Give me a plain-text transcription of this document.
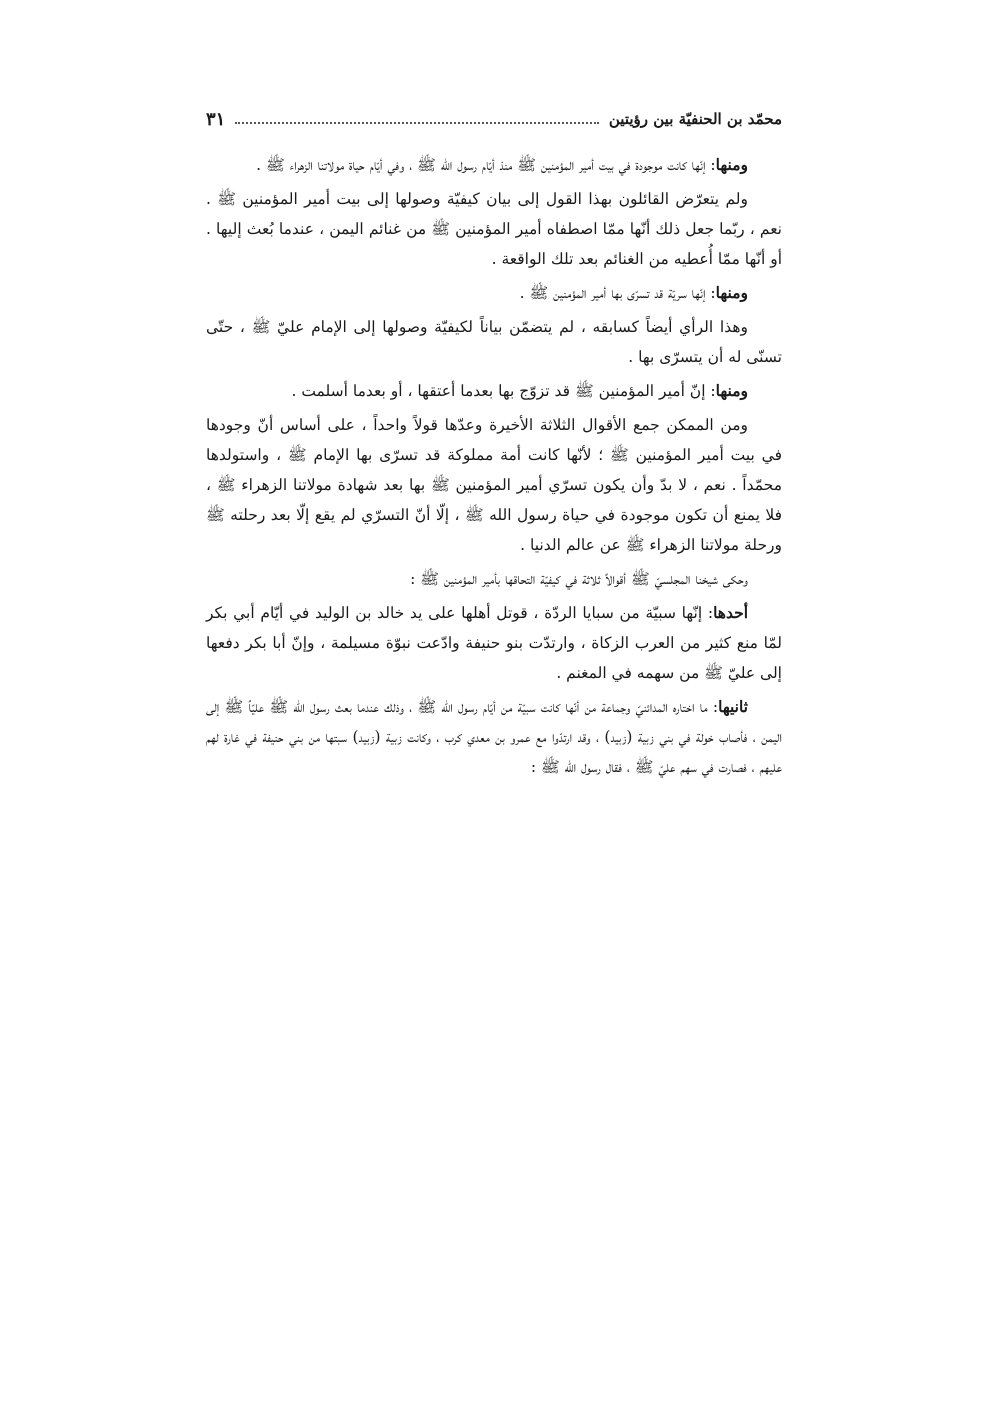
محمّد بن الحنفيّة بين رؤيتين
٣١

ومنها: إنّها كانت موجودة في بيت أمير المؤمنين ﷺ منذ أيّام رسول الله ﷺ ، وفي أيّام حياة مولاتنا الزهراء ﷺ .

ولم يتعرّض القائلون بهذا القول إلى بيان كيفيّة وصولها إلى بيت أمير المؤمنين ﷺ . نعم ، ربّما جعل ذلك أنّها ممّا اصطفاه أمير المؤمنين ﷺ من غنائم اليمن ، عندما بُعث إليها . أو أنّها ممّا أُعطيه من الغنائم بعد تلك الواقعة .

ومنها: إنّها سريّة قد تسرّى بها أمير المؤمنين ﷺ .

وهذا الرأي أيضاً كسابقه ، لم يتضمّن بياناً لكيفيّة وصولها إلى الإمام عليّ ﷺ ، حتّى تسنّى له أن يتسرّى بها .

ومنها: إنّ أمير المؤمنين ﷺ قد تزوّج بها بعدما أعتقها ، أو بعدما أسلمت .

ومن الممكن جمع الأقوال الثلاثة الأخيرة وعدّها قولاً واحداً ، على أساس أنّ وجودها في بيت أمير المؤمنين ﷺ ؛ لأنّها كانت أمة مملوكة قد تسرّى بها الإمام ﷺ ، واستولدها محمّداً . نعم ، لا بدّ وأن يكون تسرّي أمير المؤمنين ﷺ بها بعد شهادة مولاتنا الزهراء ﷺ ، فلا يمنع أن تكون موجودة في حياة رسول الله ﷺ ، إلّا أنّ التسرّي لم يقع إلّا بعد رحلته ﷺ ورحلة مولاتنا الزهراء ﷺ عن عالم الدنيا .

وحكى شيخنا المجلسيّ ﷺ أقوالاً ثلاثة في كيفيّة التحاقها بأمير المؤمنين ﷺ :

أحدها: إنّها سبيّة من سبايا الردّة ، قوتل أهلها على يد خالد بن الوليد في أيّام أبي بكر لمّا منع كثير من العرب الزكاة ، وارتدّت بنو حنيفة وادّعت نبوّة مسيلمة ، وإنّ أبا بكر دفعها إلى عليّ ﷺ من سهمه في المغنم .

ثانيها: ما اختاره المدائنيّ وجماعة من أنّها كانت سبيّة من أيّام رسول الله ﷺ ، وذلك عندما بعث رسول الله ﷺ عليّاً ﷺ إلى اليمن ، فأصاب خولة في بني زبية (زبيد) ، وقد ارتدّوا مع عمرو بن معدي كرب ، وكانت زبية (زبيد) سبتها من بني حنيفة في غارة لهم عليهم ، فصارت في سهم عليّ ﷺ ، فقال رسول الله ﷺ :
